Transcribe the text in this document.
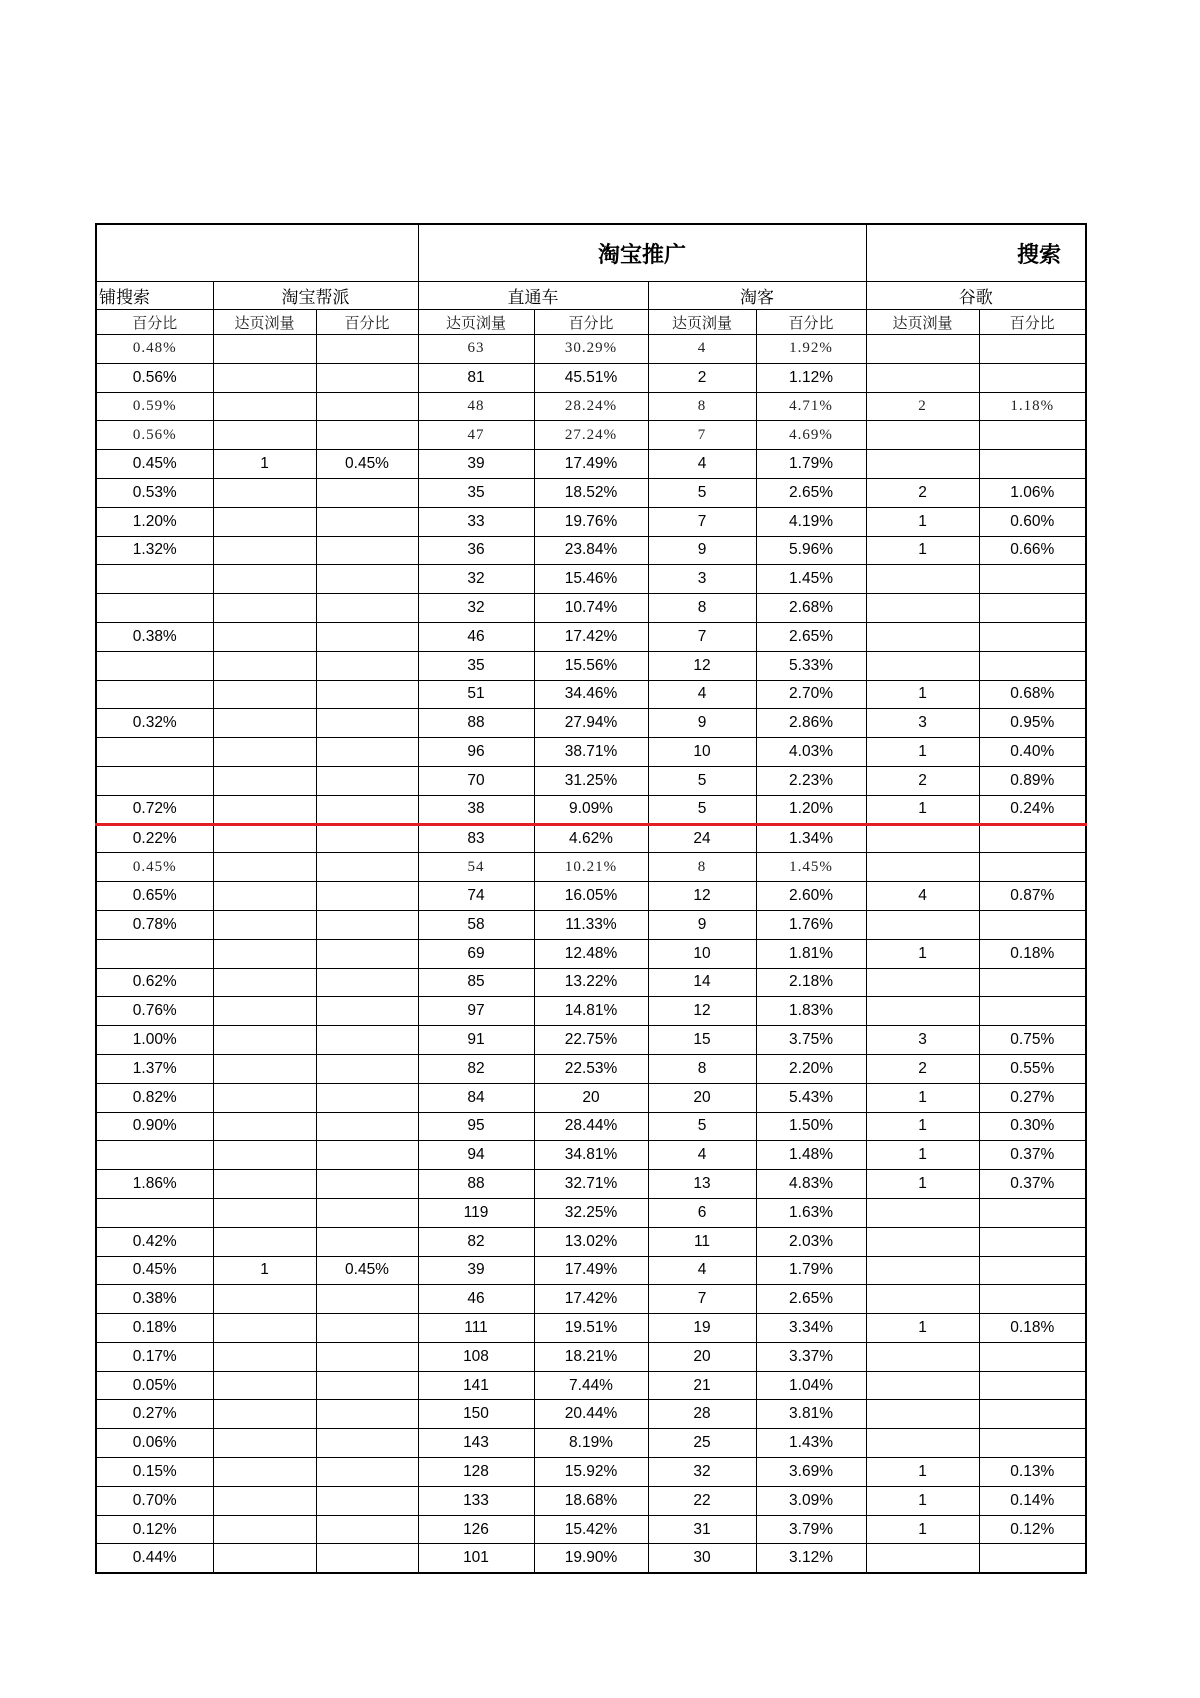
			淘宝推广				搜索	
铺搜索	淘宝帮派		直通车		淘客		谷歌	
百分比	达页浏量	百分比	达页浏量	百分比	达页浏量	百分比	达页浏量	百分比
0.48%			63	30.29%	4	1.92%		
0.56%			81	45.51%	2	1.12%		
0.59%			48	28.24%	8	4.71%	2	1.18%
0.56%			47	27.24%	7	4.69%		
0.45%	1	0.45%	39	17.49%	4	1.79%		
0.53%			35	18.52%	5	2.65%	2	1.06%
1.20%			33	19.76%	7	4.19%	1	0.60%
1.32%			36	23.84%	9	5.96%	1	0.66%
			32	15.46%	3	1.45%		
			32	10.74%	8	2.68%		
0.38%			46	17.42%	7	2.65%		
			35	15.56%	12	5.33%		
			51	34.46%	4	2.70%	1	0.68%
0.32%			88	27.94%	9	2.86%	3	0.95%
			96	38.71%	10	4.03%	1	0.40%
			70	31.25%	5	2.23%	2	0.89%
0.72%			38	9.09%	5	1.20%	1	0.24%
0.22%			83	4.62%	24	1.34%		
0.45%			54	10.21%	8	1.45%		
0.65%			74	16.05%	12	2.60%	4	0.87%
0.78%			58	11.33%	9	1.76%		
			69	12.48%	10	1.81%	1	0.18%
0.62%			85	13.22%	14	2.18%		
0.76%			97	14.81%	12	1.83%		
1.00%			91	22.75%	15	3.75%	3	0.75%
1.37%			82	22.53%	8	2.20%	2	0.55%
0.82%			84	20	20	5.43%	1	0.27%
0.90%			95	28.44%	5	1.50%	1	0.30%
			94	34.81%	4	1.48%	1	0.37%
1.86%			88	32.71%	13	4.83%	1	0.37%
			119	32.25%	6	1.63%		
0.42%			82	13.02%	11	2.03%		
0.45%	1	0.45%	39	17.49%	4	1.79%		
0.38%			46	17.42%	7	2.65%		
0.18%			111	19.51%	19	3.34%	1	0.18%
0.17%			108	18.21%	20	3.37%		
0.05%			141	7.44%	21	1.04%		
0.27%			150	20.44%	28	3.81%		
0.06%			143	8.19%	25	1.43%		
0.15%			128	15.92%	32	3.69%	1	0.13%
0.70%			133	18.68%	22	3.09%	1	0.14%
0.12%			126	15.42%	31	3.79%	1	0.12%
0.44%			101	19.90%	30	3.12%		
